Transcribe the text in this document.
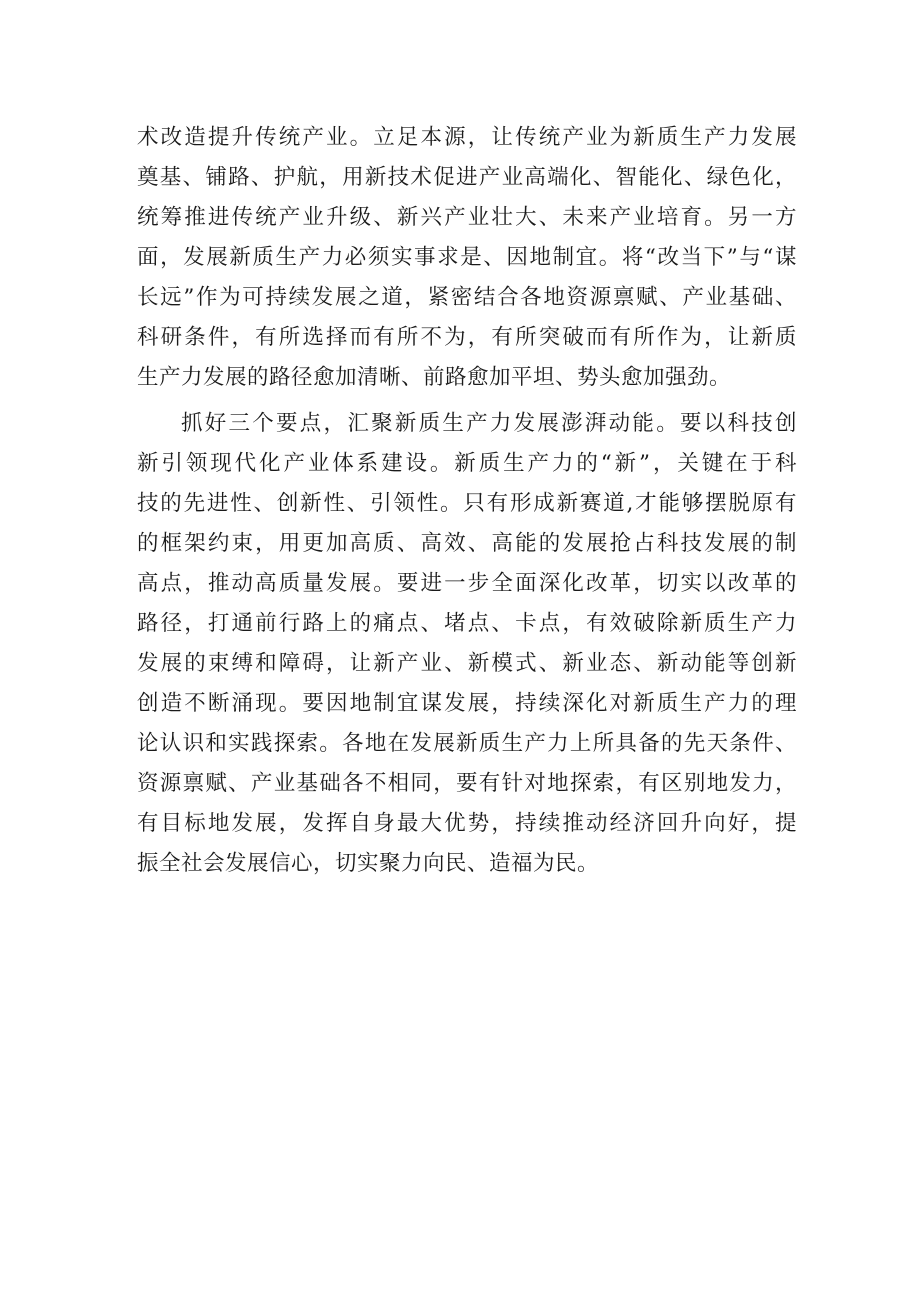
术改造提升传统产业。立足本源，让传统产业为新质生产力发展
奠基、铺路、护航，用新技术促进产业高端化、智能化、绿色化，
统筹推进传统产业升级、新兴产业壮大、未来产业培育。另一方
面，发展新质生产力必须实事求是、因地制宜。将“改当下”与“谋
长远”作为可持续发展之道，紧密结合各地资源禀赋、产业基础、
科研条件，有所选择而有所不为，有所突破而有所作为，让新质
生产力发展的路径愈加清晰、前路愈加平坦、势头愈加强劲。
抓好三个要点，汇聚新质生产力发展澎湃动能。要以科技创
新引领现代化产业体系建设。新质生产力的“新”，关键在于科
技的先进性、创新性、引领性。只有形成新赛道,才能够摆脱原有
的框架约束，用更加高质、高效、高能的发展抢占科技发展的制
高点，推动高质量发展。要进一步全面深化改革，切实以改革的
路径，打通前行路上的痛点、堵点、卡点，有效破除新质生产力
发展的束缚和障碍，让新产业、新模式、新业态、新动能等创新
创造不断涌现。要因地制宜谋发展，持续深化对新质生产力的理
论认识和实践探索。各地在发展新质生产力上所具备的先天条件、
资源禀赋、产业基础各不相同，要有针对地探索，有区别地发力，
有目标地发展，发挥自身最大优势，持续推动经济回升向好，提
振全社会发展信心，切实聚力向民、造福为民。
